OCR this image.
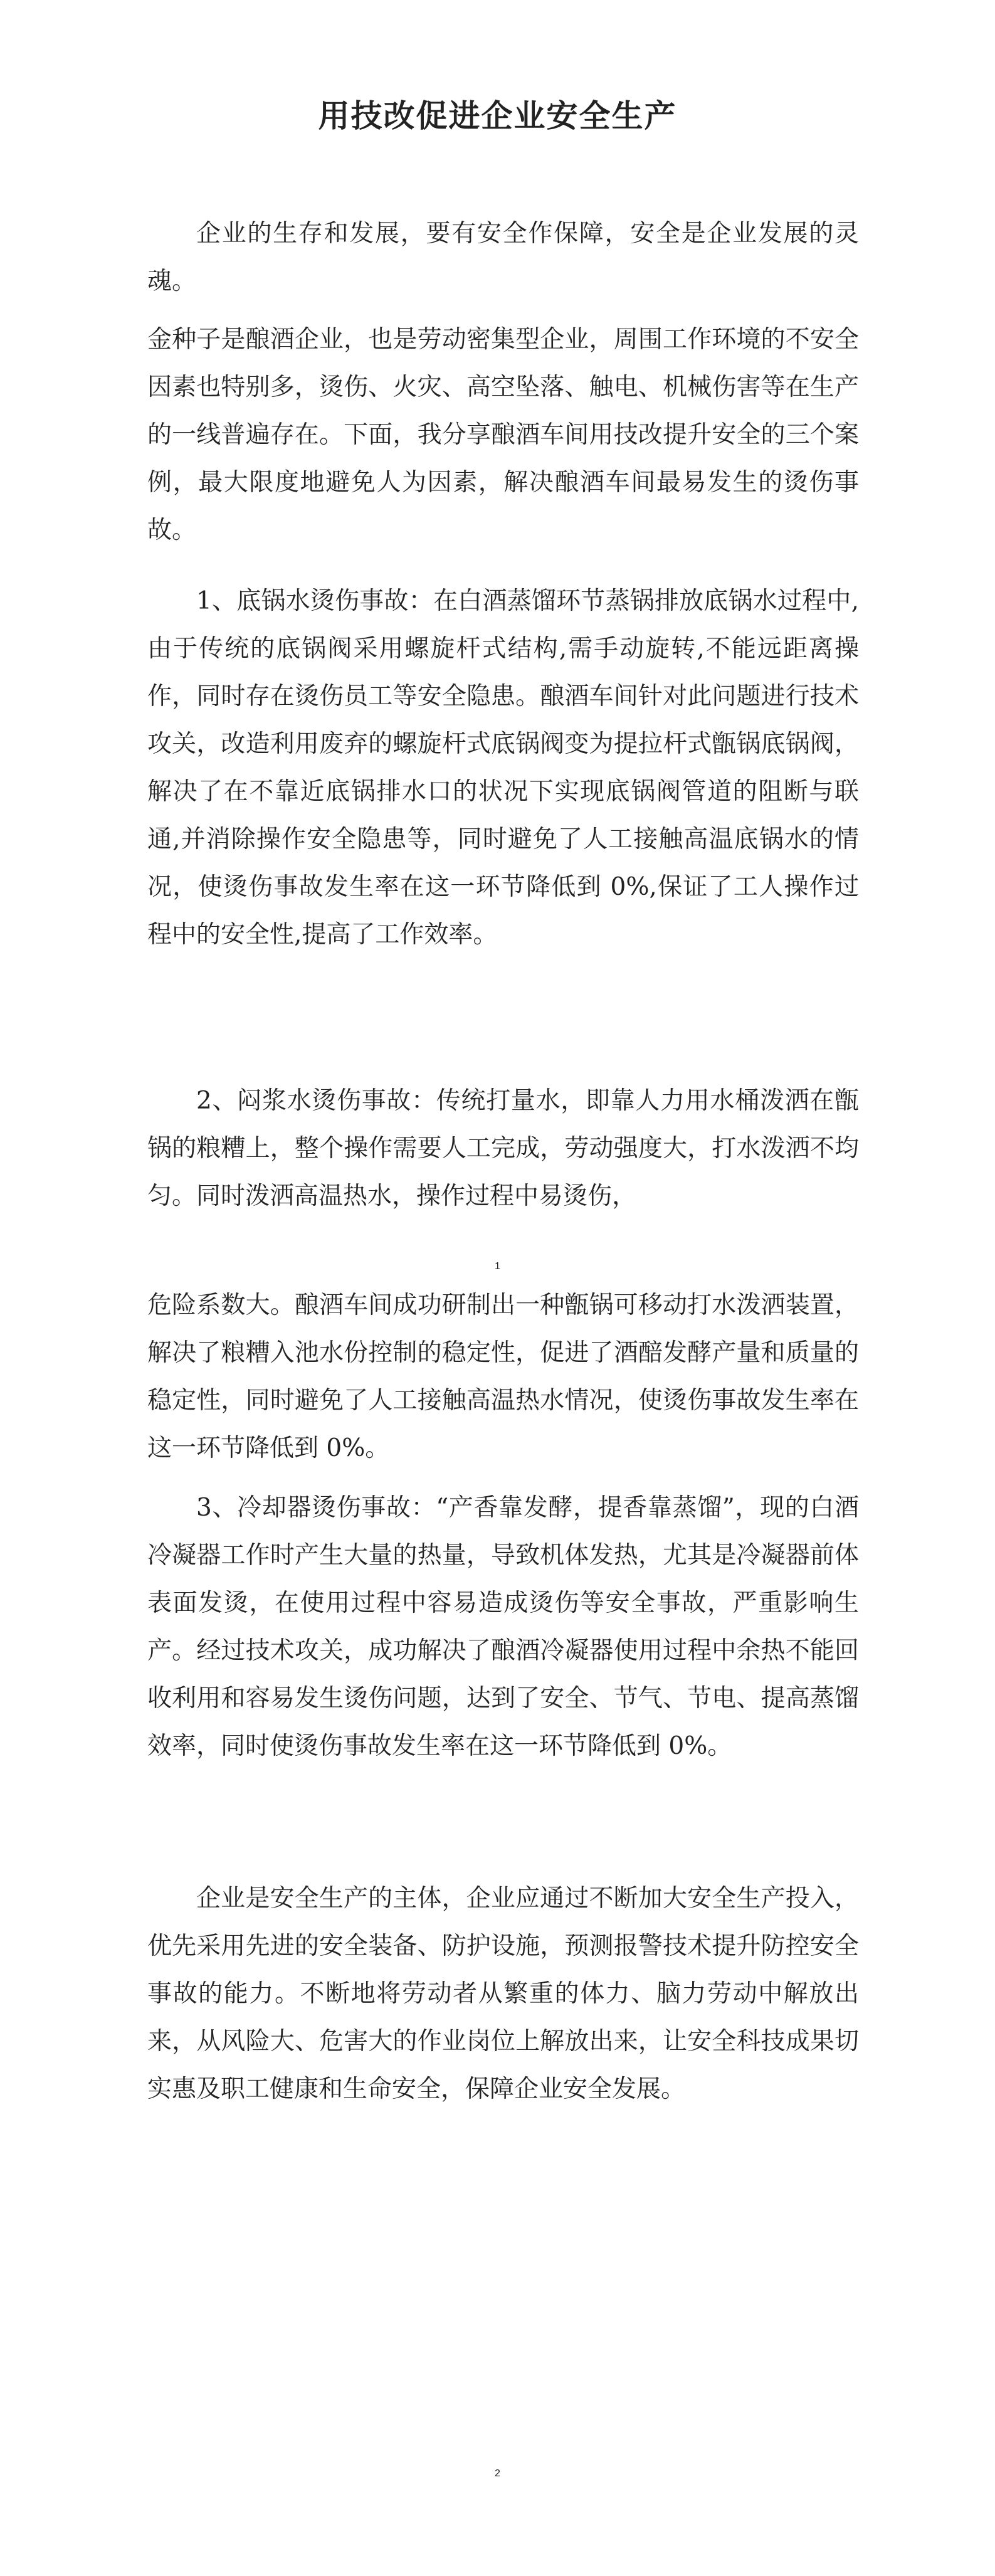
用技改促进企业安全生产

企业的生存和发展，要有安全作保障，安全是企业发展的灵魂。

金种子是酿酒企业，也是劳动密集型企业，周围工作环境的不安全因素也特别多，烫伤、火灾、高空坠落、触电、机械伤害等在生产的一线普遍存在。下面，我分享酿酒车间用技改提升安全的三个案例，最大限度地避免人为因素，解决酿酒车间最易发生的烫伤事故。

1、底锅水烫伤事故：在白酒蒸馏环节蒸锅排放底锅水过程中,由于传统的底锅阀采用螺旋杆式结构,需手动旋转,不能远距离操作，同时存在烫伤员工等安全隐患。酿酒车间针对此问题进行技术攻关，改造利用废弃的螺旋杆式底锅阀变为提拉杆式甑锅底锅阀，解决了在不靠近底锅排水口的状况下实现底锅阀管道的阻断与联通,并消除操作安全隐患等，同时避免了人工接触高温底锅水的情况，使烫伤事故发生率在这一环节降低到 0%,保证了工人操作过程中的安全性,提高了工作效率。

2、闷浆水烫伤事故：传统打量水，即靠人力用水桶泼洒在甑锅的粮糟上，整个操作需要人工完成，劳动强度大，打水泼洒不均匀。同时泼洒高温热水，操作过程中易烫伤，

1

危险系数大。酿酒车间成功研制出一种甑锅可移动打水泼洒装置，解决了粮糟入池水份控制的稳定性，促进了酒醅发酵产量和质量的稳定性，同时避免了人工接触高温热水情况，使烫伤事故发生率在这一环节降低到 0%。

3、冷却器烫伤事故：“产香靠发酵，提香靠蒸馏”，现的白酒冷凝器工作时产生大量的热量，导致机体发热，尤其是冷凝器前体表面发烫，在使用过程中容易造成烫伤等安全事故，严重影响生产。经过技术攻关，成功解决了酿酒冷凝器使用过程中余热不能回收利用和容易发生烫伤问题，达到了安全、节气、节电、提高蒸馏效率，同时使烫伤事故发生率在这一环节降低到 0%。

企业是安全生产的主体，企业应通过不断加大安全生产投入，优先采用先进的安全装备、防护设施，预测报警技术提升防控安全事故的能力。不断地将劳动者从繁重的体力、脑力劳动中解放出来，从风险大、危害大的作业岗位上解放出来，让安全科技成果切实惠及职工健康和生命安全，保障企业安全发展。

2
